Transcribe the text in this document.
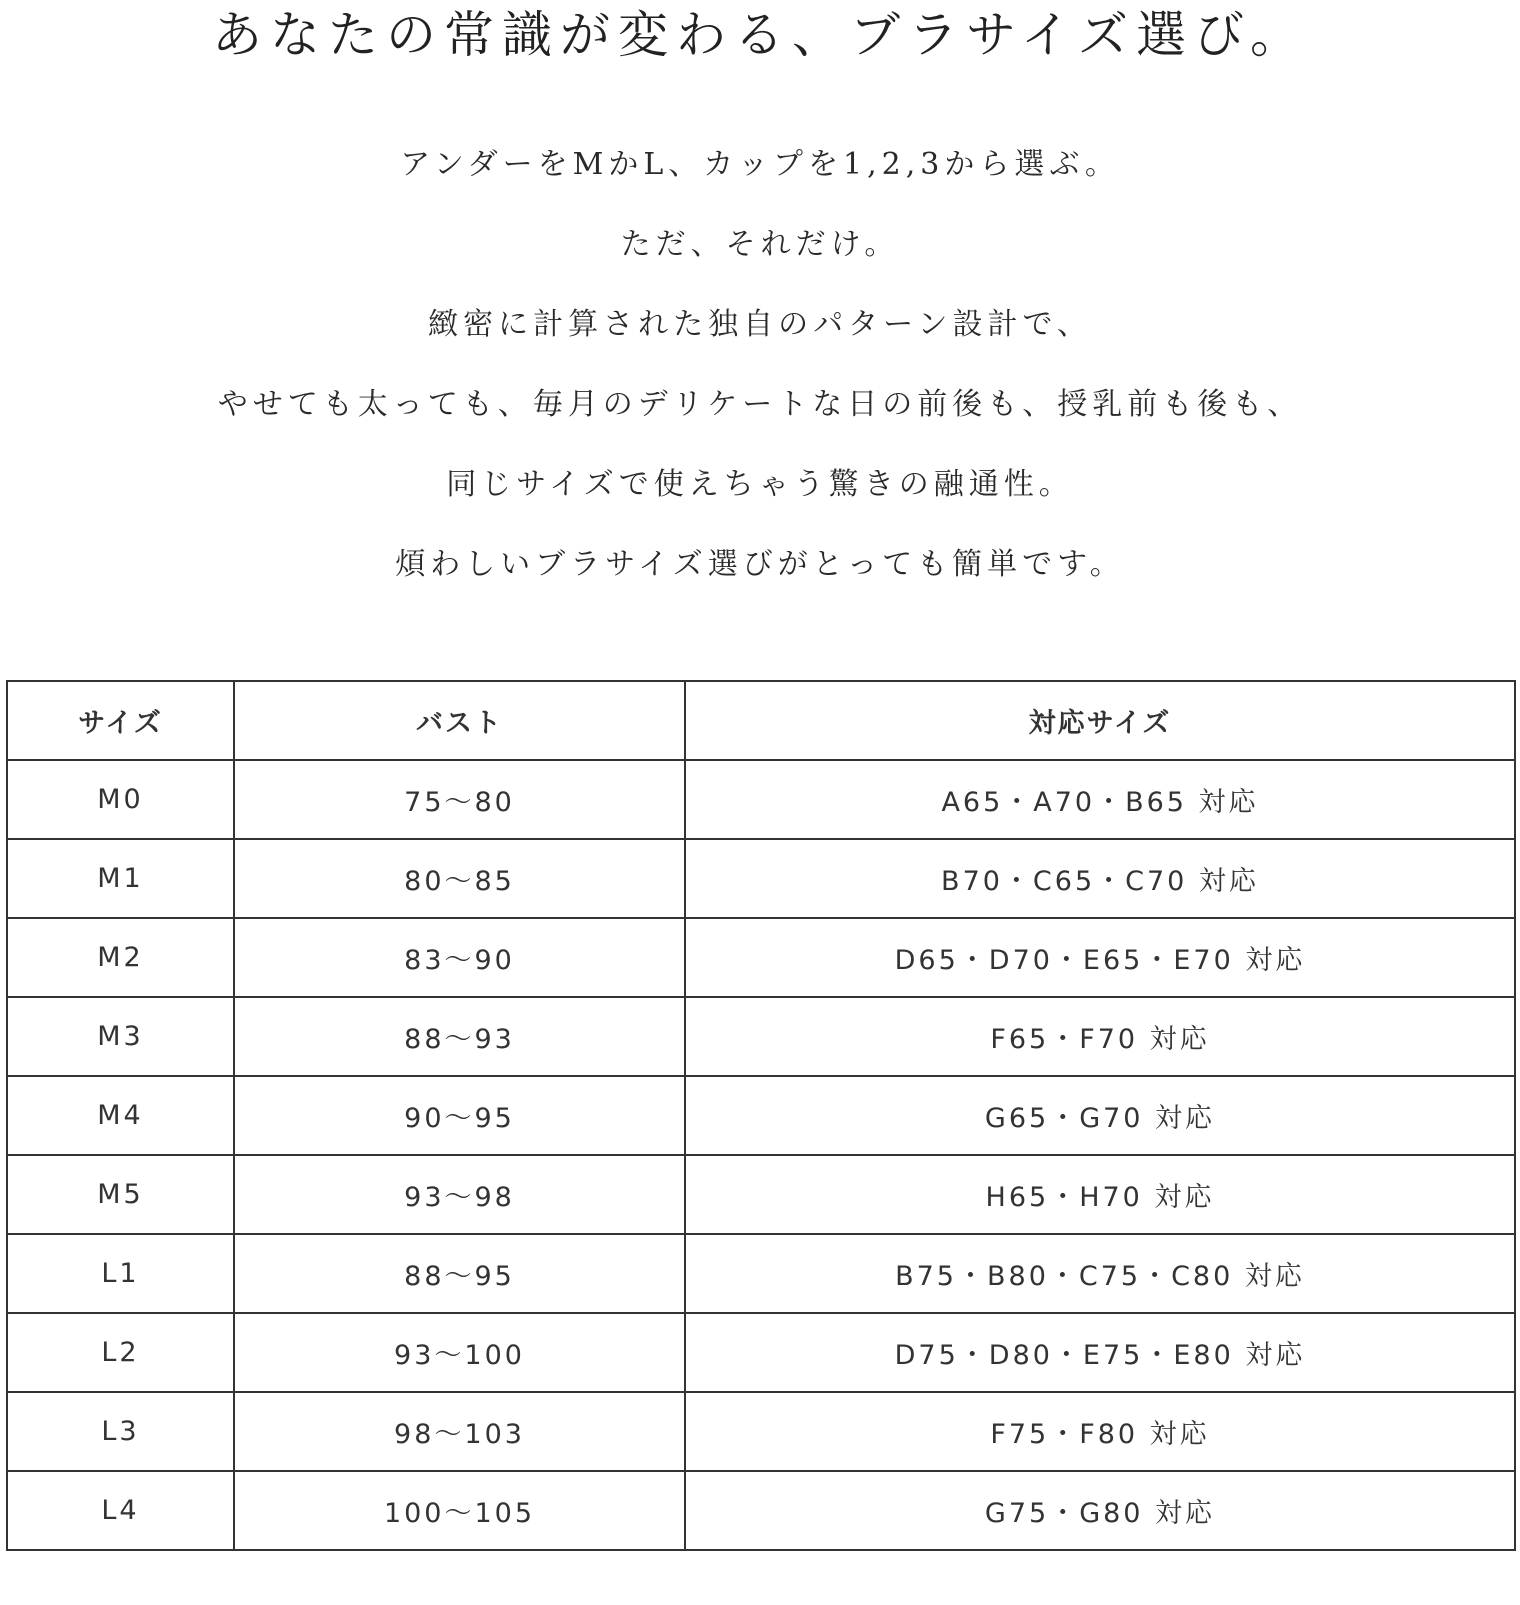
あなたの常識が変わる、ブラサイズ選び。
アンダーをMかL、カップを1,2,3から選ぶ。
ただ、それだけ。
緻密に計算された独自のパターン設計で、
やせても太っても、毎月のデリケートな日の前後も、授乳前も後も、
同じサイズで使えちゃう驚きの融通性。
煩わしいブラサイズ選びがとっても簡単です。
サイズ	バスト	対応サイズ
M0	75〜80	A65・A70・B65 対応
M1	80〜85	B70・C65・C70 対応
M2	83〜90	D65・D70・E65・E70 対応
M3	88〜93	F65・F70 対応
M4	90〜95	G65・G70 対応
M5	93〜98	H65・H70 対応
L1	88〜95	B75・B80・C75・C80 対応
L2	93〜100	D75・D80・E75・E80 対応
L3	98〜103	F75・F80 対応
L4	100〜105	G75・G80 対応
